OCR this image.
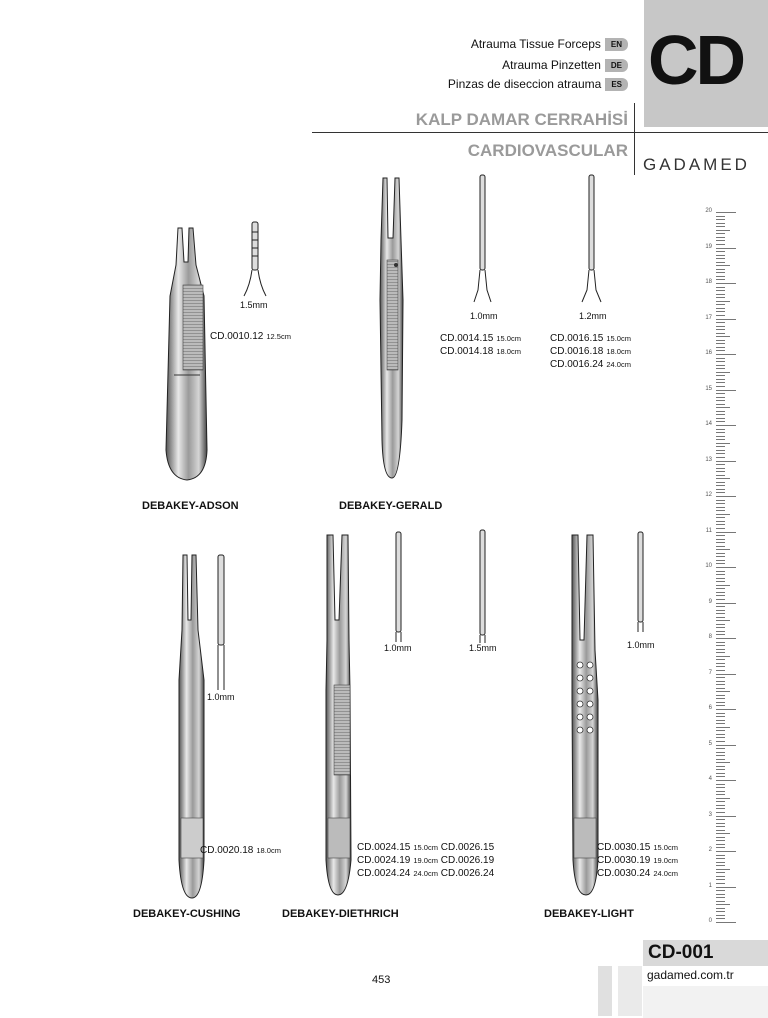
Atrauma Tissue Forceps	EN
Atrauma Pinzetten	DE
Pinzas de diseccion atrauma	ES CD
KALP DAMAR CERRAHİSİ
CARDIOVASCULAR
GADAMED
1.5mm
CD.0010.12 12.5cm
DEBAKEY-ADSON
1.0mm	1.2mm
CD.0014.15 15.0cm
CD.0014.18 18.0cm
CD.0016.15 15.0cm
CD.0016.18 18.0cm
CD.0016.24 24.0cm
DEBAKEY-GERALD
1.0mm
CD.0020.18 18.0cm
DEBAKEY-CUSHING
1.0mm	1.5mm
CD.0024.15 15.0cm CD.0026.15
CD.0024.19 19.0cm CD.0026.19
CD.0024.24 24.0cm CD.0026.24
DEBAKEY-DIETHRICH
1.0mm
CD.0030.15 15.0cm
CD.0030.19 19.0cm
CD.0030.24 24.0cm
DEBAKEY-LIGHT
20
19
18
17
16
15
14
13
12
11
10
9
8
7
6
5
4
3
2
1
0
CD-001
gadamed.com.tr
453
